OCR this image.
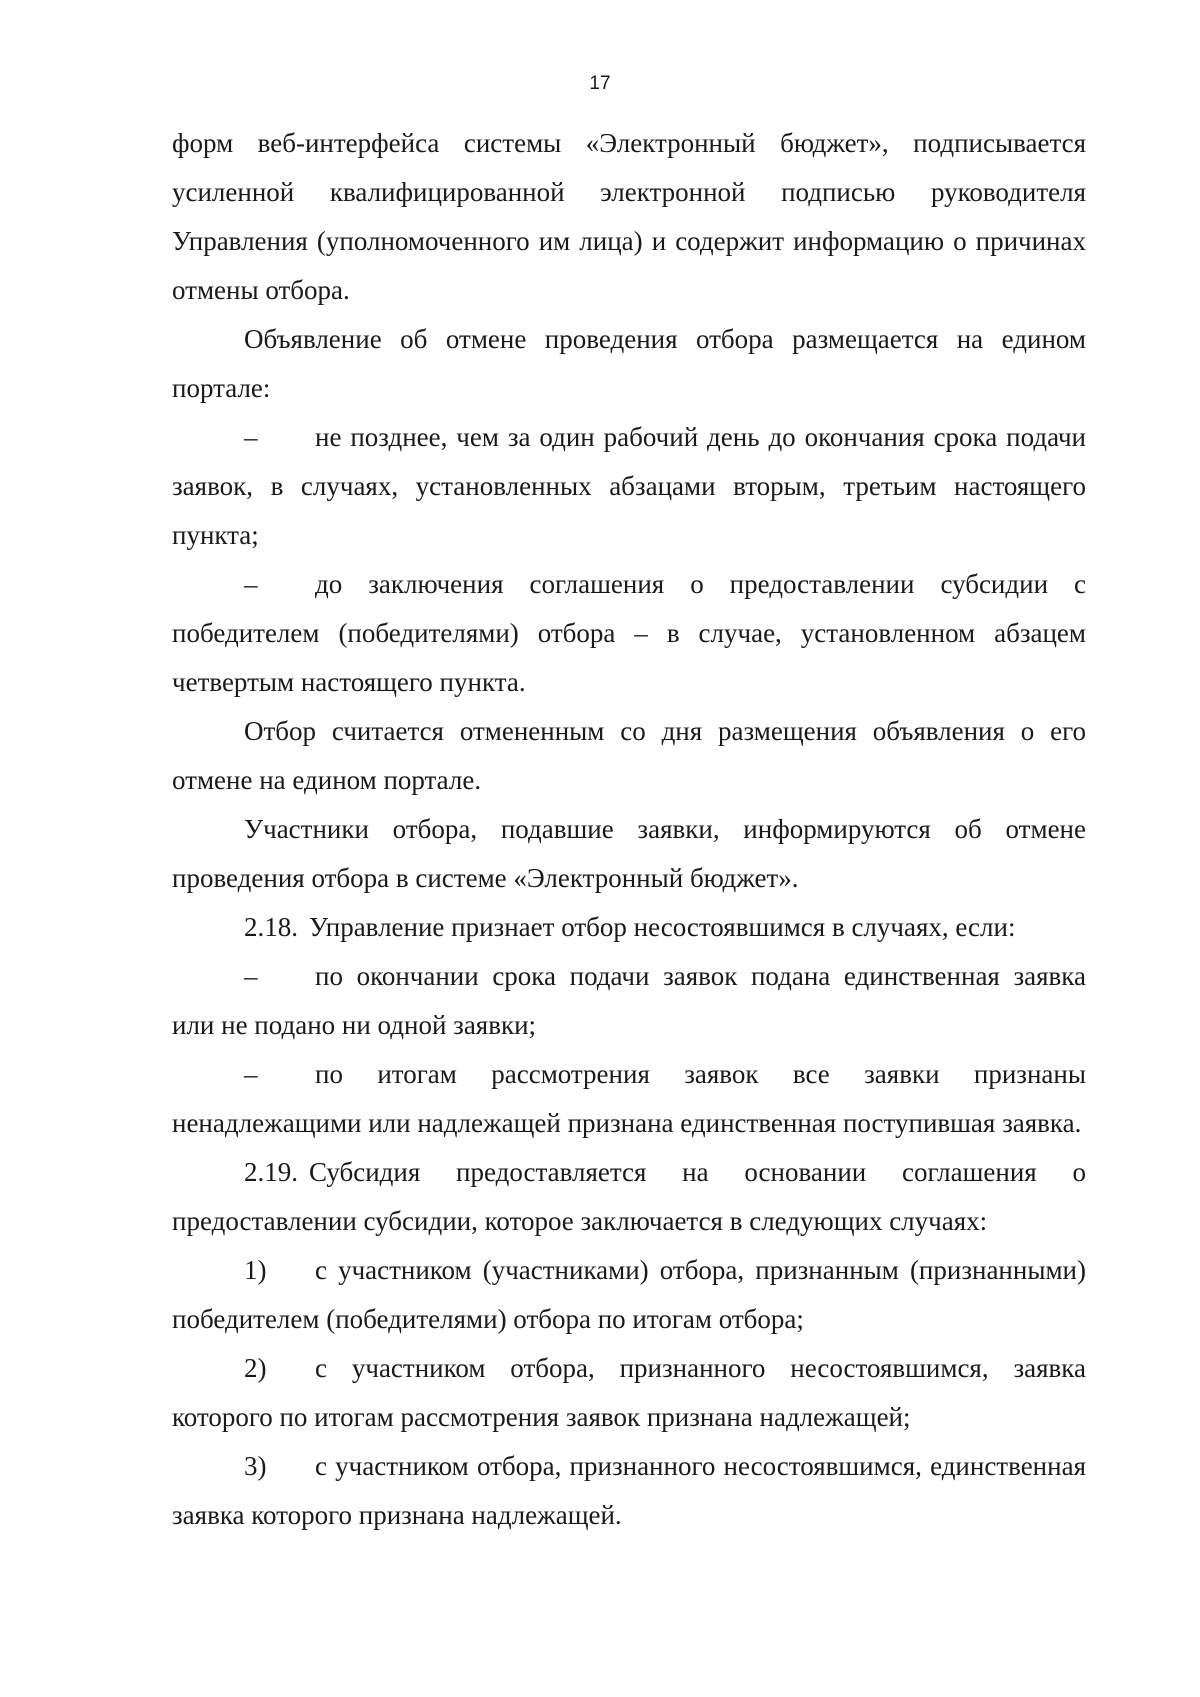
17

форм веб-интерфейса системы «Электронный бюджет», подписывается усиленной квалифицированной электронной подписью руководителя Управления (уполномоченного им лица) и содержит информацию о причинах отмены отбора.

Объявление об отмене проведения отбора размещается на едином портале:

– не позднее, чем за один рабочий день до окончания срока подачи заявок, в случаях, установленных абзацами вторым, третьим настоящего пункта;

– до заключения соглашения о предоставлении субсидии с победителем (победителями) отбора – в случае, установленном абзацем четвертым настоящего пункта.

Отбор считается отмененным со дня размещения объявления о его отмене на едином портале.

Участники отбора, подавшие заявки, информируются об отмене проведения отбора в системе «Электронный бюджет».

2.18. Управление признает отбор несостоявшимся в случаях, если:

– по окончании срока подачи заявок подана единственная заявка или не подано ни одной заявки;

– по итогам рассмотрения заявок все заявки признаны ненадлежащими или надлежащей признана единственная поступившая заявка.

2.19. Субсидия предоставляется на основании соглашения о предоставлении субсидии, которое заключается в следующих случаях:

1) с участником (участниками) отбора, признанным (признанными) победителем (победителями) отбора по итогам отбора;

2) с участником отбора, признанного несостоявшимся, заявка которого по итогам рассмотрения заявок признана надлежащей;

3) с участником отбора, признанного несостоявшимся, единственная заявка которого признана надлежащей.
